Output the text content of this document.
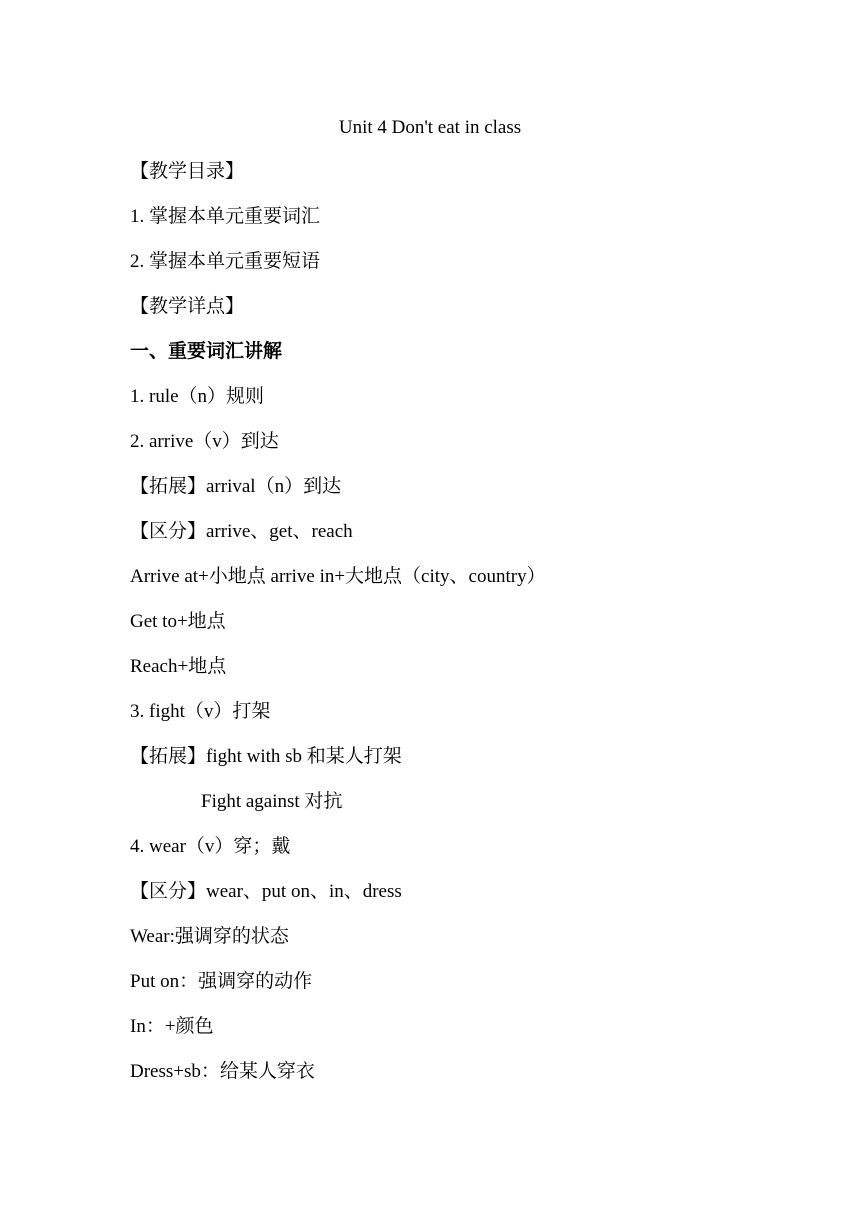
Unit 4 Don't eat in class
【教学目录】
1. 掌握本单元重要词汇
2. 掌握本单元重要短语
【教学详点】
一、重要词汇讲解
1. rule（n）规则
2. arrive（v）到达
【拓展】arrival（n）到达
【区分】arrive、get、reach
Arrive at+小地点 arrive in+大地点（city、country）
Get to+地点
Reach+地点
3. fight（v）打架
【拓展】fight with sb 和某人打架
Fight against 对抗
4. wear（v）穿；戴
【区分】wear、put on、in、dress
Wear:强调穿的状态
Put on：强调穿的动作
In：+颜色
Dress+sb：给某人穿衣
